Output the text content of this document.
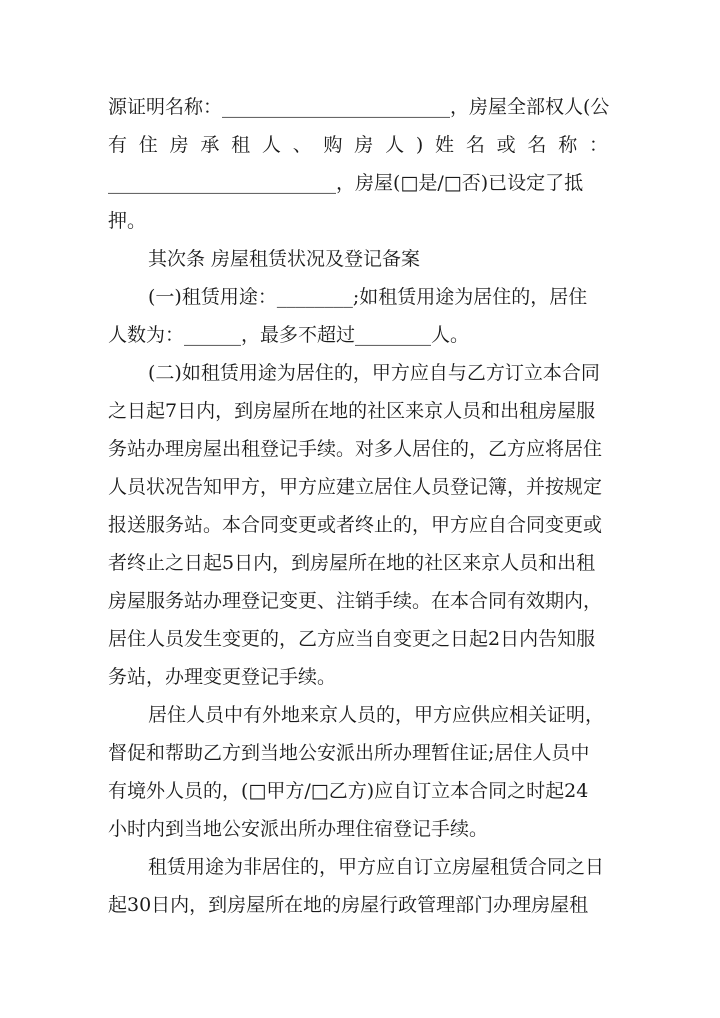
源证明名称：________________________，房屋全部权人(公
有住房承租人、购房人)姓名或名称：
________________________，房屋(□是/□否)已设定了抵
押。
其次条 房屋租赁状况及登记备案
(一)租赁用途：________;如租赁用途为居住的，居住
人数为：______，最多不超过________人。
(二)如租赁用途为居住的，甲方应自与乙方订立本合同
之日起7日内，到房屋所在地的社区来京人员和出租房屋服
务站办理房屋出租登记手续。对多人居住的，乙方应将居住
人员状况告知甲方，甲方应建立居住人员登记簿，并按规定
报送服务站。本合同变更或者终止的，甲方应自合同变更或
者终止之日起5日内，到房屋所在地的社区来京人员和出租
房屋服务站办理登记变更、注销手续。在本合同有效期内，
居住人员发生变更的，乙方应当自变更之日起2日内告知服
务站，办理变更登记手续。
居住人员中有外地来京人员的，甲方应供应相关证明，
督促和帮助乙方到当地公安派出所办理暂住证;居住人员中
有境外人员的，(□甲方/□乙方)应自订立本合同之时起24
小时内到当地公安派出所办理住宿登记手续。
租赁用途为非居住的，甲方应自订立房屋租赁合同之日
起30日内，到房屋所在地的房屋行政管理部门办理房屋租
